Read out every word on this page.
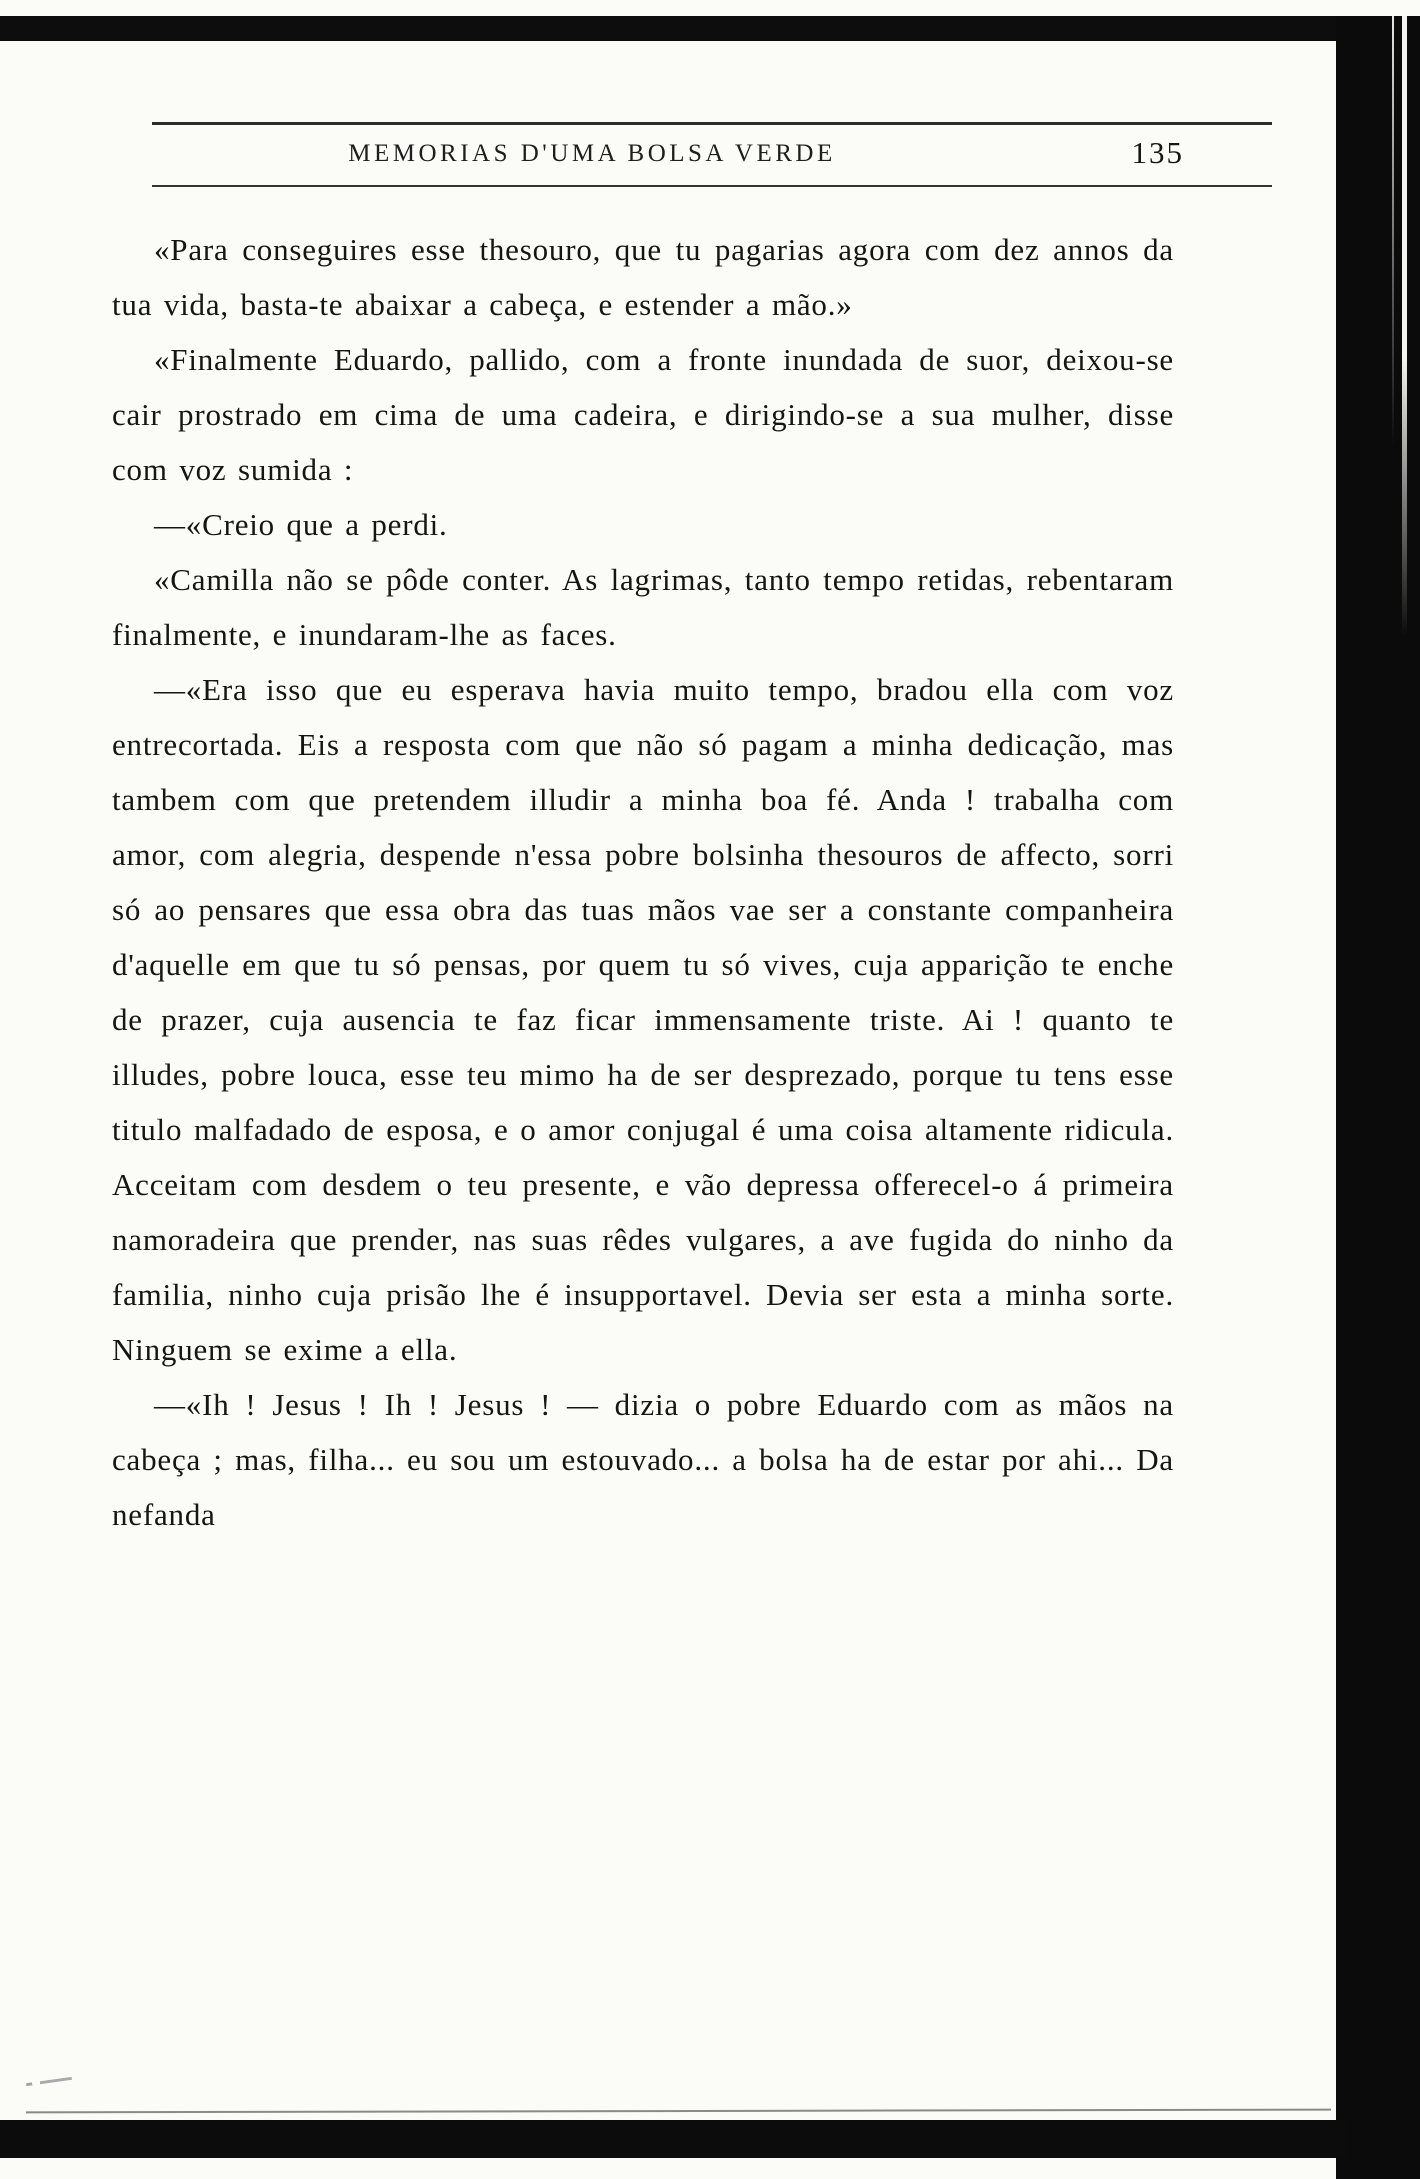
MEMORIAS D'UMA BOLSA VERDE	135

«Para conseguires esse thesouro, que tu pagarias agora com dez annos da tua vida, basta-te abaixar a cabeça, e estender a mão.»

«Finalmente Eduardo, pallido, com a fronte inundada de suor, deixou-se cair prostrado em cima de uma cadeira, e dirigindo-se a sua mulher, disse com voz sumida :

—«Creio que a perdi.

«Camilla não se pôde conter. As lagrimas, tanto tempo retidas, rebentaram finalmente, e inundaram-lhe as faces.

—«Era isso que eu esperava havia muito tempo, bradou ella com voz entrecortada. Eis a resposta com que não só pagam a minha dedicação, mas tambem com que pretendem illudir a minha boa fé. Anda ! trabalha com amor, com alegria, despende n'essa pobre bolsinha thesouros de affecto, sorri só ao pensares que essa obra das tuas mãos vae ser a constante companheira d'aquelle em que tu só pensas, por quem tu só vives, cuja apparição te enche de prazer, cuja ausencia te faz ficar immensamente triste. Ai ! quanto te illudes, pobre louca, esse teu mimo ha de ser desprezado, porque tu tens esse titulo malfadado de esposa, e o amor conjugal é uma coisa altamente ridicula. Acceitam com desdem o teu presente, e vão depressa offerecel-o á primeira namoradeira que prender, nas suas rêdes vulgares, a ave fugida do ninho da familia, ninho cuja prisão lhe é insupportavel. Devia ser esta a minha sorte. Ninguem se exime a ella.

—«Ih ! Jesus ! Ih ! Jesus ! — dizia o pobre Eduardo com as mãos na cabeça ; mas, filha... eu sou um estouvado... a bolsa ha de estar por ahi... Da nefanda
